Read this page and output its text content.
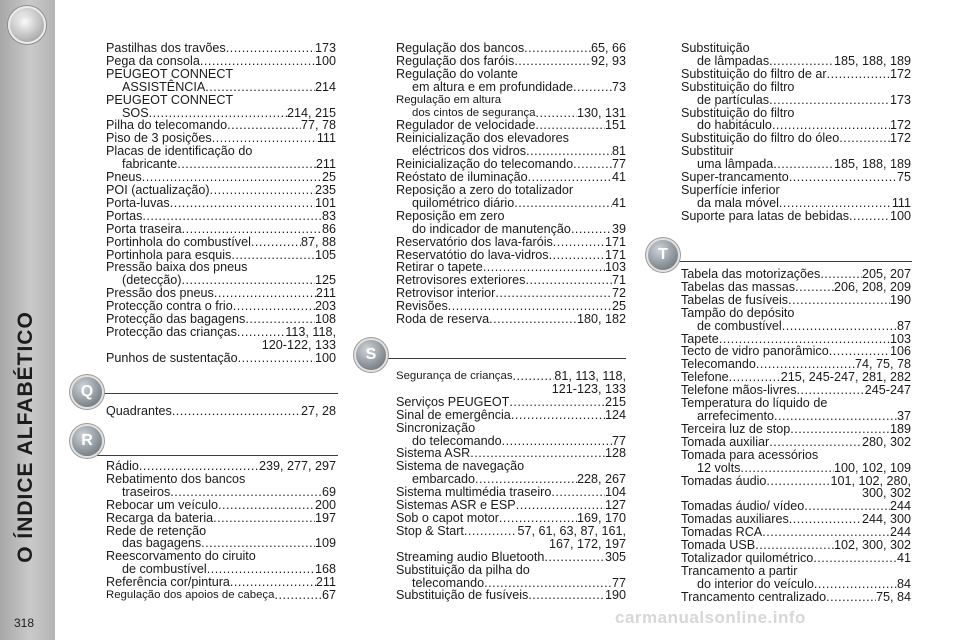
O ÍNDICE ALFABÉTICO
318
Pastilhas dos travões .....	173
Pega da consola .....	100
PEUGEOT CONNECT
ASSISTÊNCIA .....	214
PEUGEOT CONNECT
SOS .....	214, 215
Pilha do telecomando .....	77, 78
Piso de 3 posições .....	111
Placas de identificação do
fabricante .....	211
Pneus .....	25
POI (actualização) .....	235
Porta-luvas .....	101
Portas .....	83
Porta traseira .....	86
Portinhola do combustível .....	87, 88
Portinhola para esquis .....	105
Pressão baixa dos pneus
(detecção) .....	125
Pressão dos pneus .....	211
Protecção contra o frio .....	203
Protecção das bagagens .....	108
Protecção das crianças .....	113, 118,
120-122, 133
Punhos de sustentação .....	100
Quadrantes .....	27, 28
Rádio .....	239, 277, 297
Rebatimento dos bancos
traseiros .....	69
Rebocar um veículo .....	200
Recarga da bateria .....	197
Rede de retenção
das bagagens .....	109
Reescorvamento do ciruito
de combustível .....	168
Referência cor/pintura .....	211
Regulação dos apoios de cabeça .....	67
Regulação dos bancos .....	65, 66
Regulação dos faróis .....	92, 93
Regulação do volante
em altura e em profundidade .....	73
Regulação em altura
dos cintos de segurança .....	130, 131
Regulador de velocidade .....	151
Reinicialização dos elevadores
eléctricos dos vidros .....	81
Reinicialização do telecomando .....	77
Reóstato de iluminação .....	41
Reposição a zero do totalizador
quilométrico diário .....	41
Reposição em zero
do indicador de manutenção .....	39
Reservatório dos lava-faróis .....	171
Reservatótio do lava-vidros .....	171
Retirar o tapete .....	103
Retrovisores exteriores .....	71
Retrovisor interior .....	72
Revisões .....	25
Roda de reserva .....	180, 182
Segurança de crianças .....	81, 113, 118,
121-123, 133
Serviços PEUGEOT .....	215
Sinal de emergência .....	124
Sincronização
do telecomando .....	77
Sistema ASR .....	128
Sistema de navegação
embarcado .....	228, 267
Sistema multimédia traseiro .....	104
Sistemas ASR e ESP .....	127
Sob o capot motor .....	169, 170
Stop & Start .....	57, 61, 63, 87, 161,
167, 172, 197
Streaming audio Bluetooth .....	305
Substituição da pilha do
telecomando .....	77
Substituição de fusíveis .....	190
Substituição
de lâmpadas .....	185, 188, 189
Substituição do filtro de ar .....	172
Substituição do filtro
de partículas .....	173
Substituição do filtro
do habitáculo .....	172
Substituição do filtro do óleo .....	172
Substituir
uma lâmpada .....	185, 188, 189
Super-trancamento .....	75
Superfície inferior
da mala móvel .....	111
Suporte para latas de bebidas .....	100
Tabela das motorizações .....	205, 207
Tabelas das massas .....	206, 208, 209
Tabelas de fusíveis .....	190
Tampão do depósito
de combustível .....	87
Tapete .....	103
Tecto de vidro panorâmico .....	106
Telecomando .....	74, 75, 78
Telefone .....	215, 245-247, 281, 282
Telefone mãos-livres .....	245-247
Temperatura do líquido de
arrefecimento .....	37
Terceira luz de stop .....	189
Tomada auxiliar .....	280, 302
Tomada para acessórios
12 volts .....	100, 102, 109
Tomadas áudio .....	101, 102, 280,
300, 302
Tomadas áudio/ vídeo .....	244
Tomadas auxiliares .....	244, 300
Tomadas RCA .....	244
Tomada USB .....	102, 300, 302
Totalizador quilométrico .....	41
Trancamento a partir
do interior do veículo .....	84
Trancamento centralizado .....	75, 84
Q
R
S
T
carmanualsonline.info
